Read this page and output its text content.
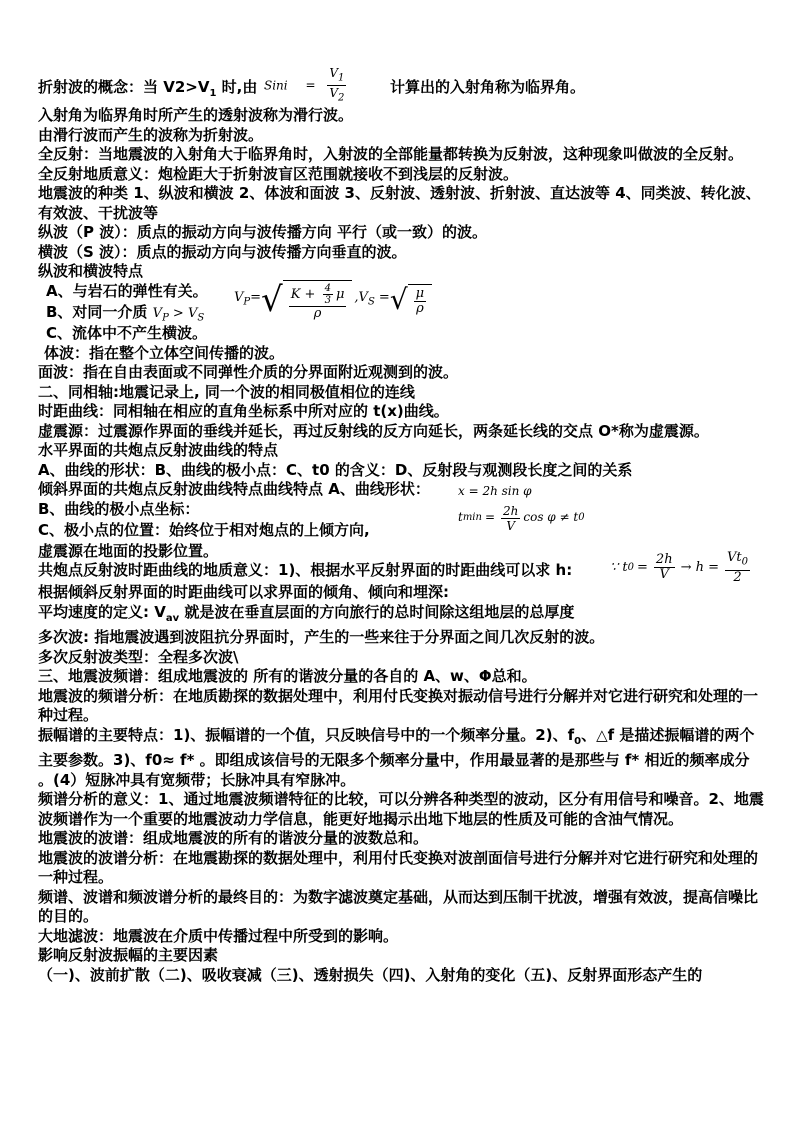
折射波的概念：当 $V2>V_1$ 时,由 Sini = $\frac{V_1}{V_2}$	计算出的入射角称为临界角。
入射角为临界角时所产生的透射波称为滑行波。
由滑行波而产生的波称为折射波。
全反射：当地震波的入射角大于临界角时，入射波的全部能量都转换为反射波，这种现象叫做波的全反射。
全反射地质意义：炮检距大于折射波盲区范围就接收不到浅层的反射波。
地震波的种类 1、纵波和横波 2、体波和面波 3、反射波、透射波、折射波、直达波等 4、同类波、转化波、有效波、干扰波等
纵波（P 波）：质点的振动方向与波传播方向 平行（或一致）的波。
横波（S 波）：质点的振动方向与波传播方向垂直的波。
纵波和横波特点
A、与岩石的弹性有关。
B、对同一介质 $V_P > V_S$
C、流体中不产生横波。
$V_P=$ √ $\frac{K + \frac{4}{3} \mu}{\rho} ,V_S$ = √ $\frac{\mu}{\rho}$
体波：指在整个立体空间传播的波。
面波：指在自由表面或不同弹性介质的分界面附近观测到的波。
二、同相轴:地震记录上, 同一个波的相同极值相位的连线
时距曲线：同相轴在相应的直角坐标系中所对应的 t(x)曲线。
虚震源：过震源作界面的垂线并延长，再过反射线的反方向延长，两条延长线的交点 O*称为虚震源。
水平界面的共炮点反射波曲线的特点
A、曲线的形状：B、曲线的极小点：C、t0 的含义：D、反射段与观测段长度之间的关系
倾斜界面的共炮点反射波曲线特点曲线特点 A、曲线形状： x = 2h sin φ
B、曲线的极小点坐标：
C、极小点的位置：始终位于相对炮点的上倾方向,
t $\min = \frac{2h}{V}$ cos φ ≠ t 0
虚震源在地面的投影位置。
共炮点反射波时距曲线的地质意义：1)、根据水平反射界面的时距曲线可以求 h:	∵ t $0 = \frac{2h}{V} \to h = \frac{Vt_0}{2}$
根据倾斜反射界面的时距曲线可以求界面的倾角、倾向和埋深:
平均速度的定义: $V_{av}$ 就是波在垂直层面的方向旅行的总时间除这组地层的总厚度
多次波: 指地震波遇到波阻抗分界面时，产生的一些来往于分界面之间几次反射的波。
多次反射波类型：全程多次波\
三、地震波频谱：组成地震波的 所有的谐波分量的各自的 A、w、Φ总和。
地震波的频谱分析：在地质勘探的数据处理中，利用付氏变换对振动信号进行分解并对它进行研究和处理的一种过程。
振幅谱的主要特点：1)、振幅谱的一个值，只反映信号中的一个频率分量。2)、$f_0$、△f 是描述振幅谱的两个主要参数。3)、f0≈ f* 。即组成该信号的无限多个频率分量中，作用最显著的是那些与 f* 相近的频率成分 。(4）短脉冲具有宽频带；长脉冲具有窄脉冲。
频谱分析的意义：1、通过地震波频谱特征的比较，可以分辨各种类型的波动，区分有用信号和噪音。2、地震波频谱作为一个重要的地震波动力学信息，能更好地揭示出地下地层的性质及可能的含油气情况。
地震波的波谱：组成地震波的所有的谐波分量的波数总和。
地震波的波谱分析：在地震勘探的数据处理中，利用付氏变换对波剖面信号进行分解并对它进行研究和处理的一种过程。
频谱、波谱和频波谱分析的最终目的：为数字滤波奠定基础，从而达到压制干扰波，增强有效波，提高信噪比的目的。
大地滤波：地震波在介质中传播过程中所受到的影响。
影响反射波振幅的主要因素
（一)、波前扩散（二)、吸收衰减（三)、透射损失（四)、入射角的变化（五)、反射界面形态产生的
